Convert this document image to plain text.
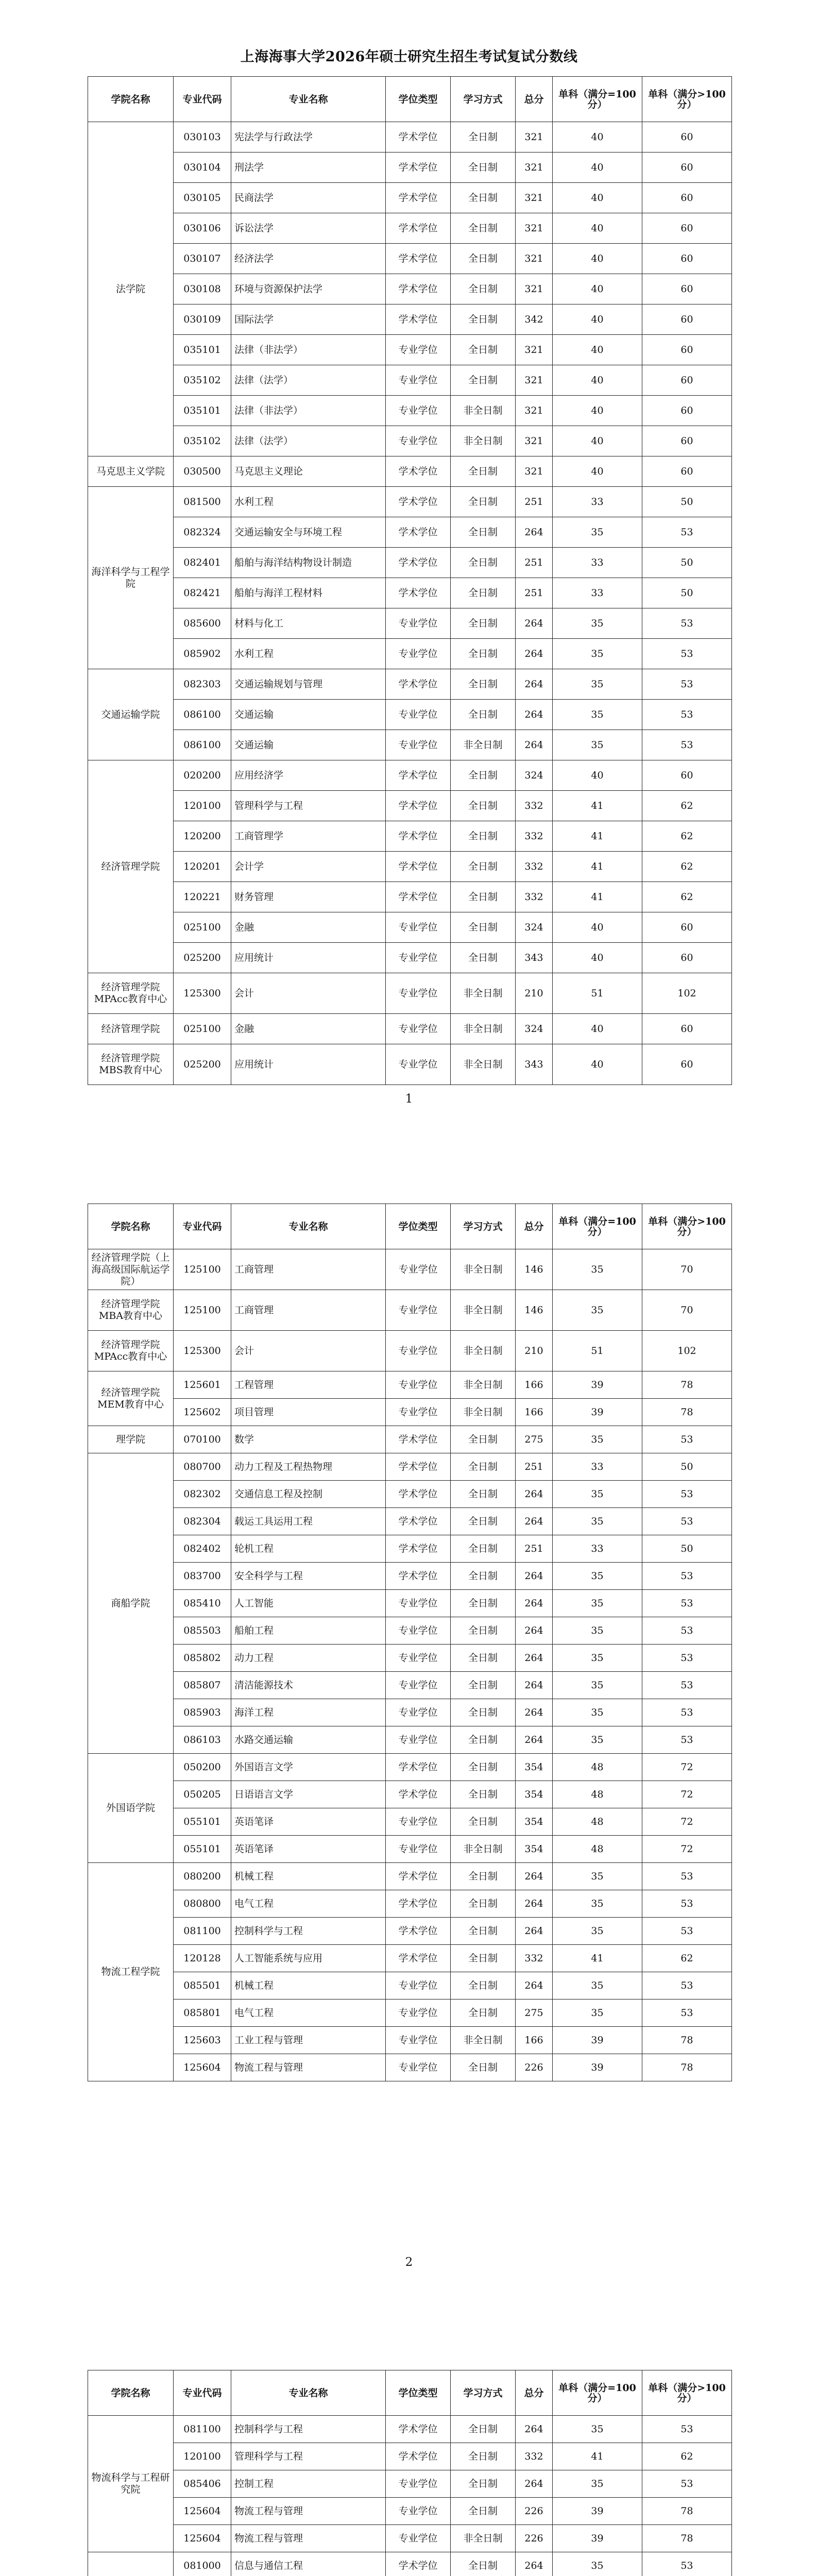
上海海事大学2026年硕士研究生招生考试复试分数线
学院名称	专业代码	专业名称	学位类型	学习方式	总分	单科（满分=100分）	单科（满分>100分）
法学院	030103	宪法学与行政法学	学术学位	全日制	321	40	60
	030104	刑法学	学术学位	全日制	321	40	60
	030105	民商法学	学术学位	全日制	321	40	60
	030106	诉讼法学	学术学位	全日制	321	40	60
	030107	经济法学	学术学位	全日制	321	40	60
	030108	环境与资源保护法学	学术学位	全日制	321	40	60
	030109	国际法学	学术学位	全日制	342	40	60
	035101	法律（非法学）	专业学位	全日制	321	40	60
	035102	法律（法学）	专业学位	全日制	321	40	60
	035101	法律（非法学）	专业学位	非全日制	321	40	60
	035102	法律（法学）	专业学位	非全日制	321	40	60
马克思主义学院	030500	马克思主义理论	学术学位	全日制	321	40	60
海洋科学与工程学院	081500	水利工程	学术学位	全日制	251	33	50
	082324	交通运输安全与环境工程	学术学位	全日制	264	35	53
	082401	船舶与海洋结构物设计制造	学术学位	全日制	251	33	50
	082421	船舶与海洋工程材料	学术学位	全日制	251	33	50
	085600	材料与化工	专业学位	全日制	264	35	53
	085902	水利工程	专业学位	全日制	264	35	53
交通运输学院	082303	交通运输规划与管理	学术学位	全日制	264	35	53
	086100	交通运输	专业学位	全日制	264	35	53
	086100	交通运输	专业学位	非全日制	264	35	53
经济管理学院	020200	应用经济学	学术学位	全日制	324	40	60
	120100	管理科学与工程	学术学位	全日制	332	41	62
	120200	工商管理学	学术学位	全日制	332	41	62
	120201	会计学	学术学位	全日制	332	41	62
	120221	财务管理	学术学位	全日制	332	41	62
	025100	金融	专业学位	全日制	324	40	60
	025200	应用统计	专业学位	全日制	343	40	60
经济管理学院MPAcc教育中心	125300	会计	专业学位	非全日制	210	51	102
经济管理学院	025100	金融	专业学位	非全日制	324	40	60
经济管理学院MBS教育中心	025200	应用统计	专业学位	非全日制	343	40	60
1
学院名称	专业代码	专业名称	学位类型	学习方式	总分	单科（满分=100分）	单科（满分>100分）
经济管理学院（上海高级国际航运学院）	125100	工商管理	专业学位	非全日制	146	35	70
经济管理学院MBA教育中心	125100	工商管理	专业学位	非全日制	146	35	70
经济管理学院MPAcc教育中心	125300	会计	专业学位	非全日制	210	51	102
经济管理学院MEM教育中心	125601	工程管理	专业学位	非全日制	166	39	78
	125602	项目管理	专业学位	非全日制	166	39	78
理学院	070100	数学	学术学位	全日制	275	35	53
商船学院	080700	动力工程及工程热物理	学术学位	全日制	251	33	50
	082302	交通信息工程及控制	学术学位	全日制	264	35	53
	082304	载运工具运用工程	学术学位	全日制	264	35	53
	082402	轮机工程	学术学位	全日制	251	33	50
	083700	安全科学与工程	学术学位	全日制	264	35	53
	085410	人工智能	专业学位	全日制	264	35	53
	085503	船舶工程	专业学位	全日制	264	35	53
	085802	动力工程	专业学位	全日制	264	35	53
	085807	清洁能源技术	专业学位	全日制	264	35	53
	085903	海洋工程	专业学位	全日制	264	35	53
	086103	水路交通运输	专业学位	全日制	264	35	53
外国语学院	050200	外国语言文学	学术学位	全日制	354	48	72
	050205	日语语言文学	学术学位	全日制	354	48	72
	055101	英语笔译	专业学位	全日制	354	48	72
	055101	英语笔译	专业学位	非全日制	354	48	72
物流工程学院	080200	机械工程	学术学位	全日制	264	35	53
	080800	电气工程	学术学位	全日制	264	35	53
	081100	控制科学与工程	学术学位	全日制	264	35	53
	120128	人工智能系统与应用	学术学位	全日制	332	41	62
	085501	机械工程	专业学位	全日制	264	35	53
	085801	电气工程	专业学位	全日制	275	35	53
	125603	工业工程与管理	专业学位	非全日制	166	39	78
	125604	物流工程与管理	专业学位	全日制	226	39	78
2
学院名称	专业代码	专业名称	学位类型	学习方式	总分	单科（满分=100分）	单科（满分>100分）
物流科学与工程研究院	081100	控制科学与工程	学术学位	全日制	264	35	53
	120100	管理科学与工程	学术学位	全日制	332	41	62
	085406	控制工程	专业学位	全日制	264	35	53
	125604	物流工程与管理	专业学位	全日制	226	39	78
	125604	物流工程与管理	专业学位	非全日制	226	39	78
	081000	信息与通信工程	学术学位	全日制	264	35	53
